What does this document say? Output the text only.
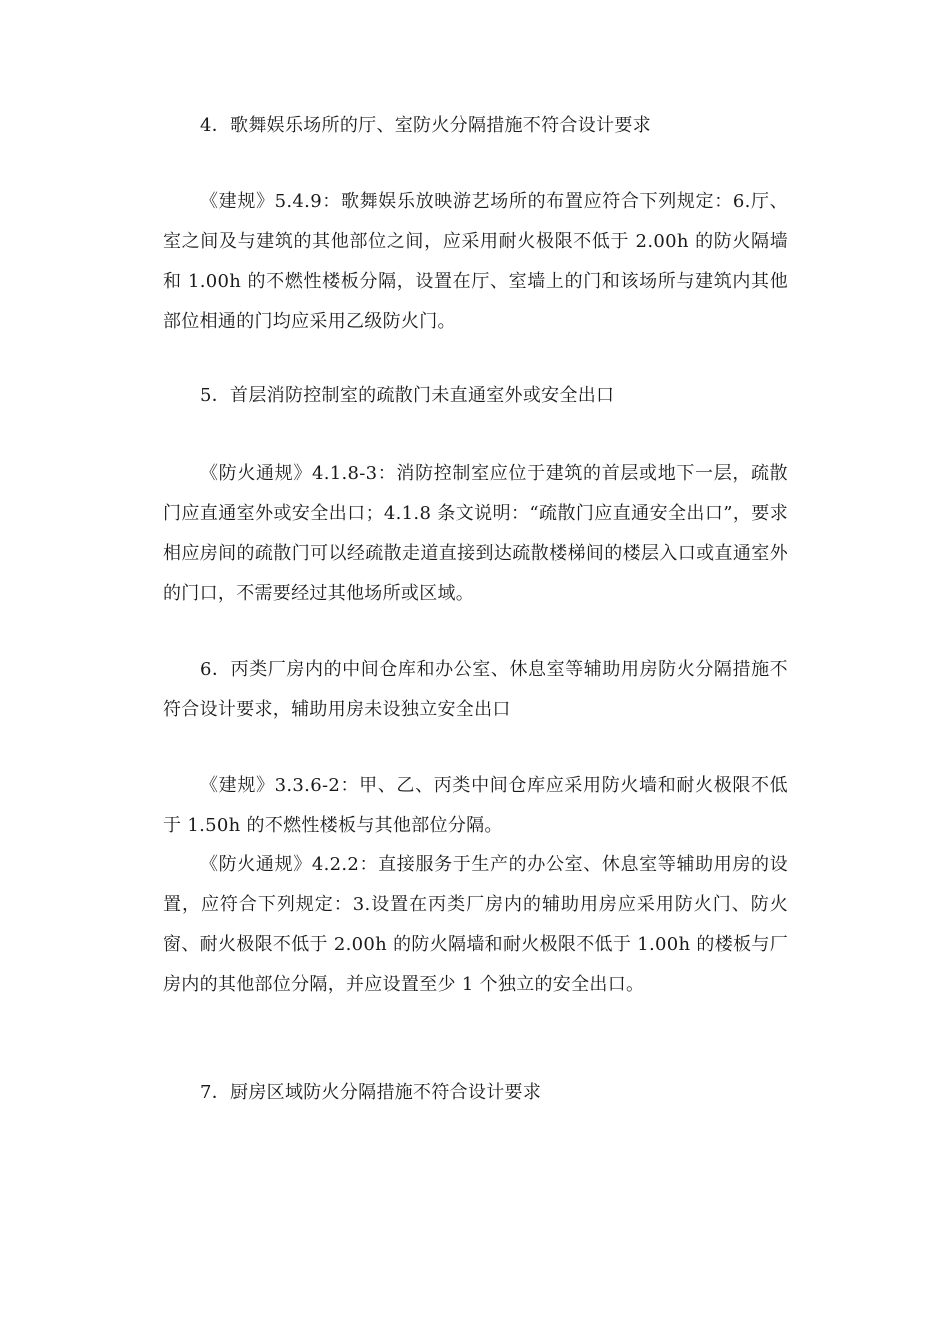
4．歌舞娱乐场所的厅、室防火分隔措施不符合设计要求

《建规》5.4.9：歌舞娱乐放映游艺场所的布置应符合下列规定：6.厅、室之间及与建筑的其他部位之间，应采用耐火极限不低于 2.00h 的防火隔墙和 1.00h 的不燃性楼板分隔，设置在厅、室墙上的门和该场所与建筑内其他部位相通的门均应采用乙级防火门。

5．首层消防控制室的疏散门未直通室外或安全出口

《防火通规》4.1.8-3：消防控制室应位于建筑的首层或地下一层，疏散门应直通室外或安全出口；4.1.8 条文说明：“疏散门应直通安全出口”，要求相应房间的疏散门可以经疏散走道直接到达疏散楼梯间的楼层入口或直通室外的门口，不需要经过其他场所或区域。

6．丙类厂房内的中间仓库和办公室、休息室等辅助用房防火分隔措施不符合设计要求，辅助用房未设独立安全出口

《建规》3.3.6-2：甲、乙、丙类中间仓库应采用防火墙和耐火极限不低于 1.50h 的不燃性楼板与其他部位分隔。

《防火通规》4.2.2：直接服务于生产的办公室、休息室等辅助用房的设置，应符合下列规定：3.设置在丙类厂房内的辅助用房应采用防火门、防火窗、耐火极限不低于 2.00h 的防火隔墙和耐火极限不低于 1.00h 的楼板与厂房内的其他部位分隔，并应设置至少 1 个独立的安全出口。

7．厨房区域防火分隔措施不符合设计要求
